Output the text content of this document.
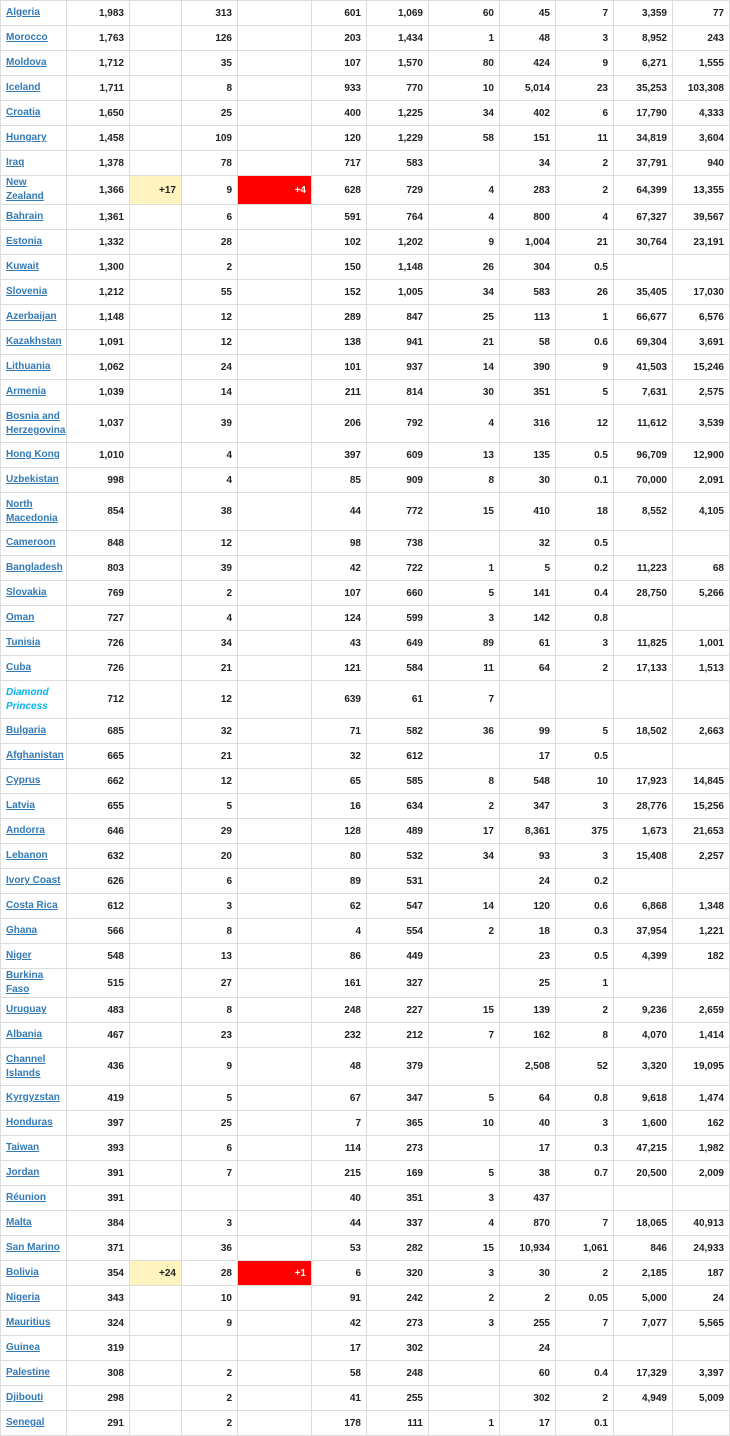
Algeria	1,983		313		601	1,069	60	45	7	3,359	77
Morocco	1,763		126		203	1,434	1	48	3	8,952	243
Moldova	1,712		35		107	1,570	80	424	9	6,271	1,555
Iceland	1,711		8		933	770	10	5,014	23	35,253	103,308
Croatia	1,650		25		400	1,225	34	402	6	17,790	4,333
Hungary	1,458		109		120	1,229	58	151	11	34,819	3,604
Iraq	1,378		78		717	583		34	2	37,791	940
New Zealand	1,366	+17	9	+4	628	729	4	283	2	64,399	13,355
Bahrain	1,361		6		591	764	4	800	4	67,327	39,567
Estonia	1,332		28		102	1,202	9	1,004	21	30,764	23,191
Kuwait	1,300		2		150	1,148	26	304	0.5		
Slovenia	1,212		55		152	1,005	34	583	26	35,405	17,030
Azerbaijan	1,148		12		289	847	25	113	1	66,677	6,576
Kazakhstan	1,091		12		138	941	21	58	0.6	69,304	3,691
Lithuania	1,062		24		101	937	14	390	9	41,503	15,246
Armenia	1,039		14		211	814	30	351	5	7,631	2,575
Bosnia and Herzegovina	1,037		39		206	792	4	316	12	11,612	3,539
Hong Kong	1,010		4		397	609	13	135	0.5	96,709	12,900
Uzbekistan	998		4		85	909	8	30	0.1	70,000	2,091
North Macedonia	854		38		44	772	15	410	18	8,552	4,105
Cameroon	848		12		98	738		32	0.5		
Bangladesh	803		39		42	722	1	5	0.2	11,223	68
Slovakia	769		2		107	660	5	141	0.4	28,750	5,266
Oman	727		4		124	599	3	142	0.8		
Tunisia	726		34		43	649	89	61	3	11,825	1,001
Cuba	726		21		121	584	11	64	2	17,133	1,513
Diamond Princess	712		12		639	61	7				
Bulgaria	685		32		71	582	36	99	5	18,502	2,663
Afghanistan	665		21		32	612		17	0.5		
Cyprus	662		12		65	585	8	548	10	17,923	14,845
Latvia	655		5		16	634	2	347	3	28,776	15,256
Andorra	646		29		128	489	17	8,361	375	1,673	21,653
Lebanon	632		20		80	532	34	93	3	15,408	2,257
Ivory Coast	626		6		89	531		24	0.2		
Costa Rica	612		3		62	547	14	120	0.6	6,868	1,348
Ghana	566		8		4	554	2	18	0.3	37,954	1,221
Niger	548		13		86	449		23	0.5	4,399	182
Burkina Faso	515		27		161	327		25	1		
Uruguay	483		8		248	227	15	139	2	9,236	2,659
Albania	467		23		232	212	7	162	8	4,070	1,414
Channel Islands	436		9		48	379		2,508	52	3,320	19,095
Kyrgyzstan	419		5		67	347	5	64	0.8	9,618	1,474
Honduras	397		25		7	365	10	40	3	1,600	162
Taiwan	393		6		114	273		17	0.3	47,215	1,982
Jordan	391		7		215	169	5	38	0.7	20,500	2,009
Réunion	391				40	351	3	437			
Malta	384		3		44	337	4	870	7	18,065	40,913
San Marino	371		36		53	282	15	10,934	1,061	846	24,933
Bolivia	354	+24	28	+1	6	320	3	30	2	2,185	187
Nigeria	343		10		91	242	2	2	0.05	5,000	24
Mauritius	324		9		42	273	3	255	7	7,077	5,565
Guinea	319				17	302		24			
Palestine	308		2		58	248		60	0.4	17,329	3,397
Djibouti	298		2		41	255		302	2	4,949	5,009
Senegal	291		2		178	111	1	17	0.1		
